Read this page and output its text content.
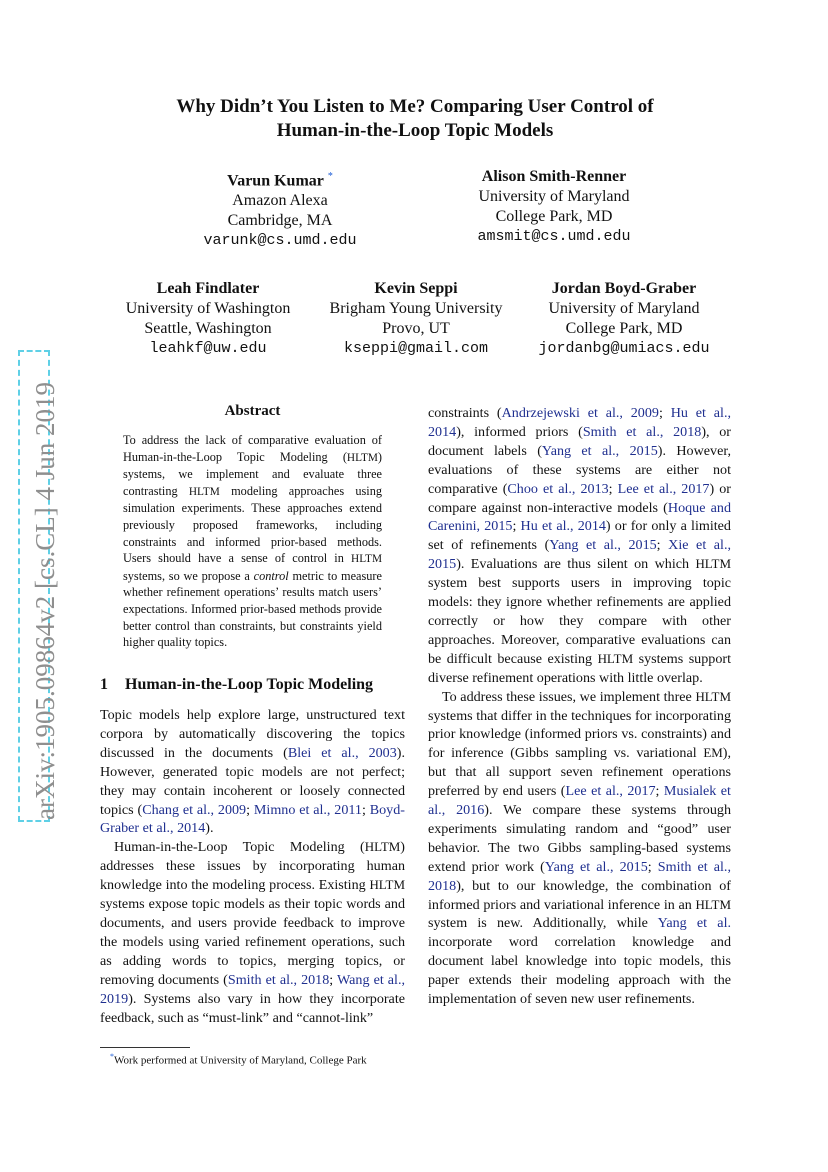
arXiv:1905.09864v2 [cs.CL] 4 Jun 2019
Why Didn’t You Listen to Me? Comparing User Control of
Human-in-the-Loop Topic Models
Varun Kumar *
Amazon Alexa
Cambridge, MA
varunk@cs.umd.edu
Alison Smith-Renner
University of Maryland
College Park, MD
amsmit@cs.umd.edu
Leah Findlater
University of Washington
Seattle, Washington
leahkf@uw.edu
Kevin Seppi
Brigham Young University
Provo, UT
kseppi@gmail.com
Jordan Boyd-Graber
University of Maryland
College Park, MD
jordanbg@umiacs.edu
Abstract
To address the lack of comparative evaluation of Human-in-the-Loop Topic Modeling (HLTM) systems, we implement and evaluate three contrasting HLTM modeling approaches using simulation experiments. These approaches extend previously proposed frameworks, including constraints and informed prior-based methods. Users should have a sense of control in HLTM systems, so we propose a control metric to measure whether refinement operations’ results match users’ expectations. Informed prior-based methods provide better control than constraints, but constraints yield higher quality topics.
1 Human-in-the-Loop Topic Modeling

Topic models help explore large, unstructured text corpora by automatically discovering the topics discussed in the documents (Blei et al., 2003). However, generated topic models are not perfect; they may contain incoherent or loosely connected topics (Chang et al., 2009; Mimno et al., 2011; Boyd-Graber et al., 2014).

Human-in-the-Loop Topic Modeling (HLTM) addresses these issues by incorporating human knowledge into the modeling process. Existing HLTM systems expose topic models as their topic words and documents, and users provide feedback to improve the models using varied refinement operations, such as adding words to topics, merging topics, or removing documents (Smith et al., 2018; Wang et al., 2019). Systems also vary in how they incorporate feedback, such as “must-link” and “cannot-link”

*Work performed at University of Maryland, College Park

constraints (Andrzejewski et al., 2009; Hu et al., 2014), informed priors (Smith et al., 2018), or document labels (Yang et al., 2015). However, evaluations of these systems are either not comparative (Choo et al., 2013; Lee et al., 2017) or compare against non-interactive models (Hoque and Carenini, 2015; Hu et al., 2014) or for only a limited set of refinements (Yang et al., 2015; Xie et al., 2015). Evaluations are thus silent on which HLTM system best supports users in improving topic models: they ignore whether refinements are applied correctly or how they compare with other approaches. Moreover, comparative evaluations can be difficult because existing HLTM systems support diverse refinement operations with little overlap.

To address these issues, we implement three HLTM systems that differ in the techniques for incorporating prior knowledge (informed priors vs. constraints) and for inference (Gibbs sampling vs. variational EM), but that all support seven refinement operations preferred by end users (Lee et al., 2017; Musialek et al., 2016). We compare these systems through experiments simulating random and “good” user behavior. The two Gibbs sampling-based systems extend prior work (Yang et al., 2015; Smith et al., 2018), but to our knowledge, the combination of informed priors and variational inference in an HLTM system is new. Additionally, while Yang et al. incorporate word correlation knowledge and document label knowledge into topic models, this paper extends their modeling approach with the implementation of seven new user refinements.
